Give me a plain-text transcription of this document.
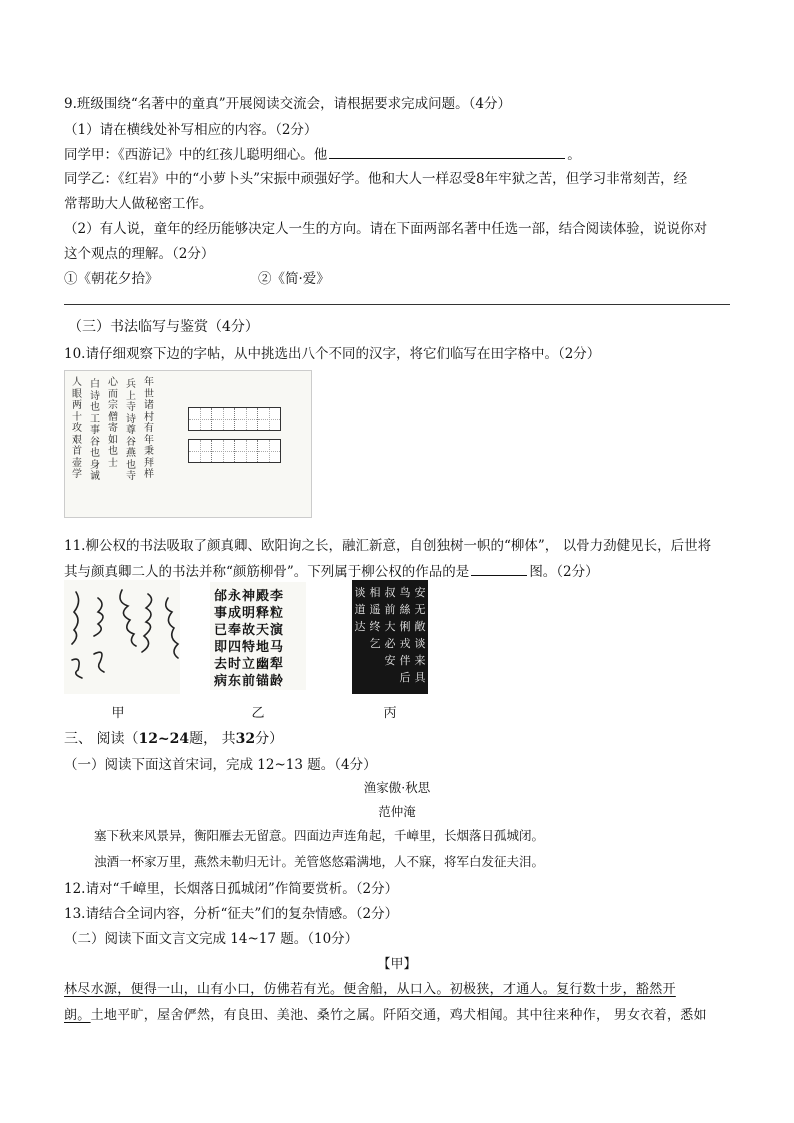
9.班级围绕“名著中的童真”开展阅读交流会，请根据要求完成问题。（4分）
（1）请在横线处补写相应的内容。（2分）
同学甲：《西游记》中的红孩儿聪明细心。他	。
同学乙：《红岩》中的“小萝卜头”宋振中顽强好学。他和大人一样忍受8年牢狱之苦，但学习非常刻苦，经
常帮助大人做秘密工作。
（2）有人说，童年的经历能够决定人一生的方向。请在下面两部名著中任选一部，结合阅读体验，说说你对
这个观点的理解。（2分）
①《朝花夕拾》	②《简·爱》
（三）书法临写与鉴赏（4分）
10.请仔细观察下边的字帖，从中挑选出八个不同的汉字，将它们临写在田字格中。（2分）
人眼两十攻艰首壶学
白诗也工事谷也身诚
心而宗僧寄如也士
兵上寺诗尊谷燕也寺
年世诸村有年秉拜样
11.柳公权的书法吸取了颜真卿、欧阳询之长，融汇新意，自创独树一帜的“柳体”， 以骨力劲健见长，后世将
其与颜真卿二人的书法并称“颜筋柳骨”。下列属于柳公权的作品的是	图。（2分）
邰永神殿李
事成明释粒
已奉故天演
即四特地马
去时立幽犁
病东前锚龄
安无敞谈来具
鸟絲俐戎伴后
叔前大必安
相遥终乞
谈道达
甲	乙	丙
三、 阅读（12~24题， 共32分）
（一）阅读下面这首宋词，完成 12~13 题。（4分）
渔家傲·秋思
范仲淹
塞下秋来风景异，衡阳雁去无留意。四面边声连角起，千嶂里，长烟落日孤城闭。
浊酒一杯家万里，燕然未勒归无计。羌管悠悠霜满地，人不寐，将军白发征夫泪。
12.请对“千嶂里，长烟落日孤城闭”作简要赏析。（2分）
13.请结合全词内容，分析“征夫”们的复杂情感。（2分）
（二）阅读下面文言文完成 14~17 题。（10分）
【甲】
林尽水源，便得一山，山有小口，仿佛若有光。便舍船，从口入。初极狭，才通人。复行数十步，豁然开
朗。土地平旷，屋舍俨然，有良田、美池、桑竹之属。阡陌交通，鸡犬相闻。其中往来种作， 男女衣着，悉如
